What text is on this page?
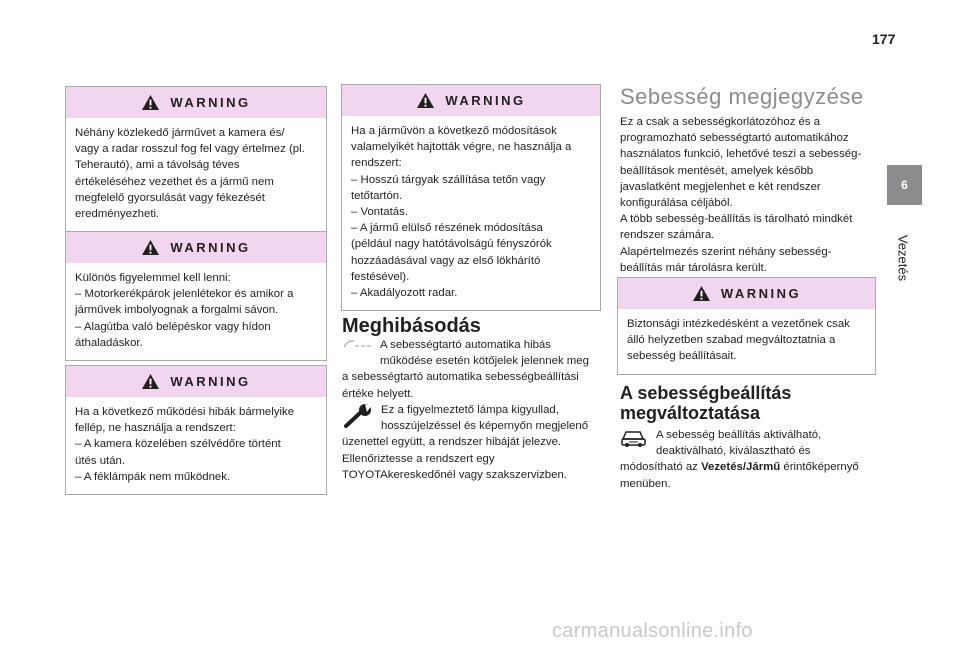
177
6
Vezetés
WARNING

Néhány közlekedő járművet a kamera és/
vagy a radar rosszul fog fel vagy értelmez (pl.
Teherautó), ami a távolság téves
értékeléséhez vezethet és a jármű nem
megfelelő gyorsulását vagy fékezését
eredményezheti.

WARNING

Különös figyelemmel kell lenni:
– Motorkerékpárok jelenlétekor és amikor a
járművek imbolyognak a forgalmi sávon.
– Alagútba való belépéskor vagy hídon
áthaladáskor.

WARNING

Ha a következő működési hibák bármelyike
fellép, ne használja a rendszert:
– A kamera közelében szélvédőre történt
ütés után.
– A féklámpák nem működnek.

WARNING

Ha a járművön a következő módosítások
valamelyikét hajtották végre, ne használja a
rendszert:
– Hosszú tárgyak szállítása tetőn vagy
tetőtartón.
– Vontatás.
– A jármű elülső részének módosítása
(például nagy hatótávolságú fényszórók
hozzáadásával vagy az első lökhárító
festésével).
– Akadályozott radar.

Meghibásodás

A sebességtartó automatika hibás
működése esetén kötőjelek jelennek meg
a sebességtartó automatika sebességbeállítási
értéke helyett.

Ez a figyelmeztető lámpa kigyullad,
hosszújelzéssel és képernyőn megjelenő
üzenettel együtt, a rendszer hibáját jelezve.
Ellenőriztesse a rendszert egy
TOYOTAkereskedőnél vagy szakszervizben.

Sebesség megjegyzése

Ez a csak a sebességkorlátozóhoz és a
programozható sebességtartó automatikához
használatos funkció, lehetővé teszi a sebesség-
beállítások mentését, amelyek később
javaslatként megjelenhet e két rendszer
konfigurálása céljából.
A több sebesség-beállítás is tárolható mindkét
rendszer számára.
Alapértelmezés szerint néhány sebesség-
beállítás már tárolásra került.

WARNING

Biztonsági intézkedésként a vezetőnek csak
álló helyzetben szabad megváltoztatnia a
sebesség beállításait.

A sebességbeállítás
megváltoztatása

A sebesség beállítás aktiválható,
deaktiválható, kiválasztható és
módosítható az Vezetés/Jármű érintőképernyő
menüben.

carmanualsonline.info
